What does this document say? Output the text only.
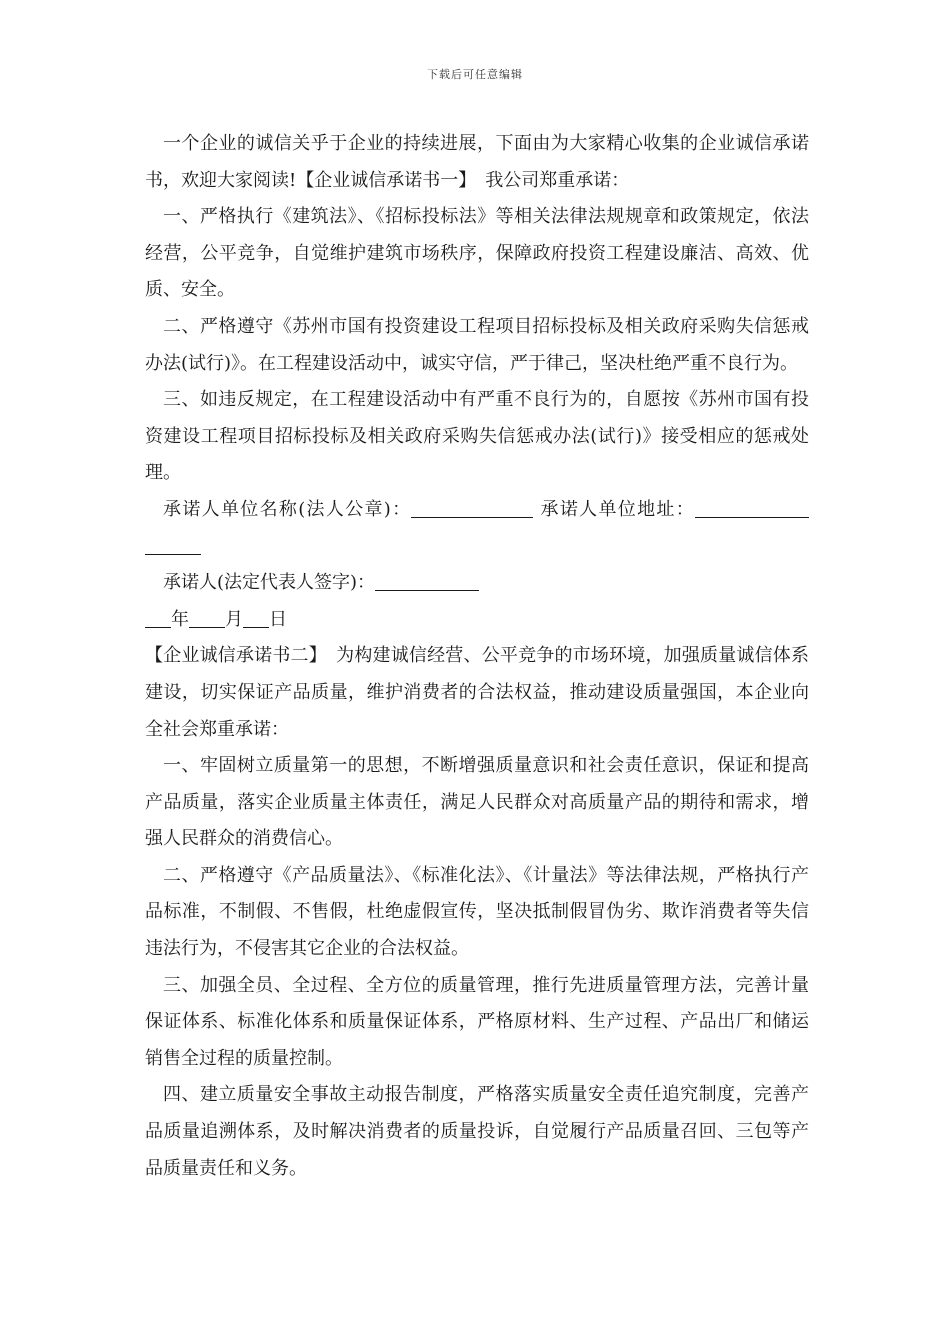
下载后可任意编辑

一个企业的诚信关乎于企业的持续进展，下面由为大家精心收集的企业诚信承诺书，欢迎大家阅读!【企业诚信承诺书一】　我公司郑重承诺：

一、严格执行《建筑法》、《招标投标法》等相关法律法规规章和政策规定，依法经营，公平竞争，自觉维护建筑市场秩序，保障政府投资工程建设廉洁、高效、优质、安全。

二、严格遵守《苏州市国有投资建设工程项目招标投标及相关政府采购失信惩戒办法(试行)》。在工程建设活动中，诚实守信，严于律己，坚决杜绝严重不良行为。

三、如违反规定，在工程建设活动中有严重不良行为的，自愿按《苏州市国有投资建设工程项目招标投标及相关政府采购失信惩戒办法(试行)》接受相应的惩戒处理。

承诺人单位名称(法人公章)：	承诺人单位地址：

承诺人(法定代表人签字)：

年 月 日

【企业诚信承诺书二】　为构建诚信经营、公平竞争的市场环境，加强质量诚信体系建设，切实保证产品质量，维护消费者的合法权益，推动建设质量强国，本企业向全社会郑重承诺：

一、牢固树立质量第一的思想，不断增强质量意识和社会责任意识，保证和提高产品质量，落实企业质量主体责任，满足人民群众对高质量产品的期待和需求，增强人民群众的消费信心。

二、严格遵守《产品质量法》、《标准化法》、《计量法》等法律法规，严格执行产品标准，不制假、不售假，杜绝虚假宣传，坚决抵制假冒伪劣、欺诈消费者等失信违法行为，不侵害其它企业的合法权益。

三、加强全员、全过程、全方位的质量管理，推行先进质量管理方法，完善计量保证体系、标准化体系和质量保证体系，严格原材料、生产过程、产品出厂和储运销售全过程的质量控制。

四、建立质量安全事故主动报告制度，严格落实质量安全责任追究制度，完善产品质量追溯体系，及时解决消费者的质量投诉，自觉履行产品质量召回、三包等产品质量责任和义务。
